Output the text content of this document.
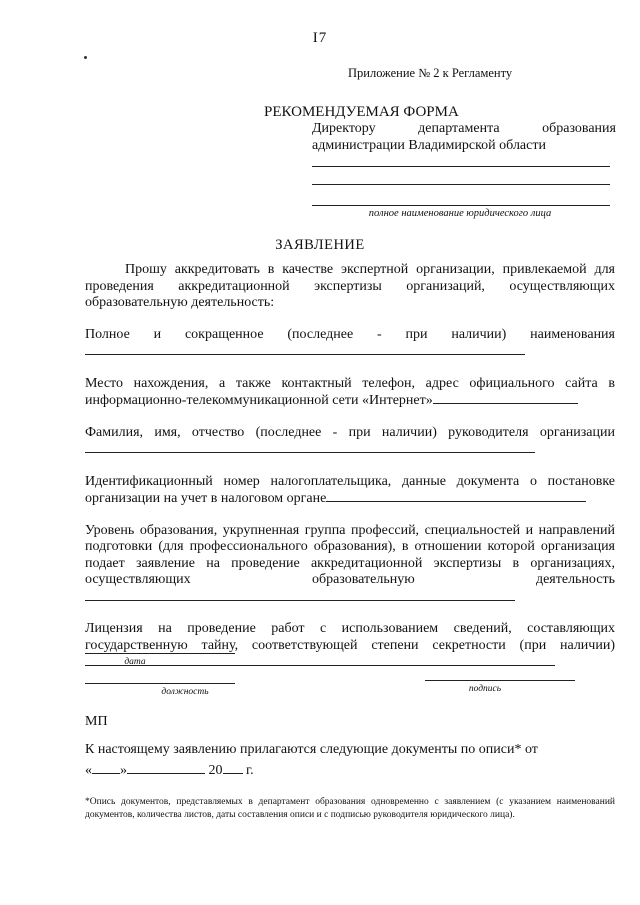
I7
Приложение № 2 к Регламенту
РЕКОМЕНДУЕМАЯ ФОРМА
Директору	департамента	образования
администрации Владимирской области
полное наименование юридического лица
ЗАЯВЛЕНИЕ

Прошу аккредитовать в качестве экспертной организации, привлекаемой для проведения аккредитационной экспертизы организаций, осуществляющих образовательную деятельность:

Полное и сокращенное (последнее - при наличии) наименования
Место нахождения, а также контактный телефон, адрес официального сайта в информационно-телекоммуникационной сети «Интернет»
Фамилия, имя, отчество (последнее - при наличии) руководителя организации
Идентификационный номер налогоплательщика, данные документа о постановке организации на учет в налоговом органе
Уровень образования, укрупненная группа профессий, специальностей и направлений подготовки (для профессионального образования), в отношении которой организация подает заявление на проведение аккредитационной экспертизы в организациях, осуществляющих образовательную деятельность
Лицензия на проведение работ с использованием сведений, составляющих государственную тайну, соответствующей степени секретности (при наличии)
дата
должность	подпись
МП
К настоящему заявлению прилагаются следующие документы по описи* от
« »	20 г.
*Опись документов, представляемых в департамент образования одновременно с заявлением (с указанием наименований документов, количества листов, даты составления описи и с подписью руководителя юридического лица).
